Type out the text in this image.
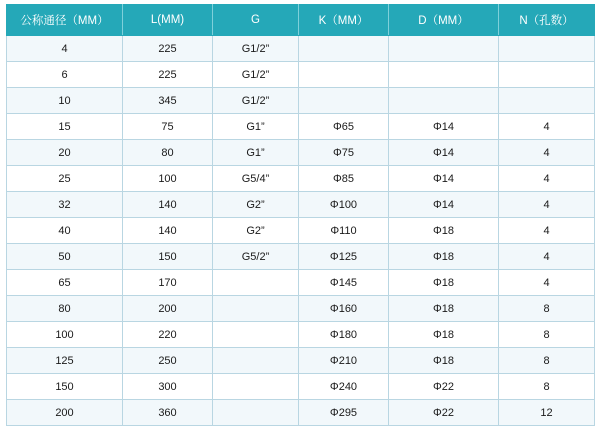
公称通径（MM）	L(MM)	G	K（MM）	D（MM）	N（孔数）
4	225	G1/2”			
6	225	G1/2”			
10	345	G1/2”			
15	75	G1”	Φ65	Φ14	4
20	80	G1”	Φ75	Φ14	4
25	100	G5/4”	Φ85	Φ14	4
32	140	G2”	Φ100	Φ14	4
40	140	G2”	Φ110	Φ18	4
50	150	G5/2”	Φ125	Φ18	4
65	170		Φ145	Φ18	4
80	200		Φ160	Φ18	8
100	220		Φ180	Φ18	8
125	250		Φ210	Φ18	8
150	300		Φ240	Φ22	8
200	360		Φ295	Φ22	12
